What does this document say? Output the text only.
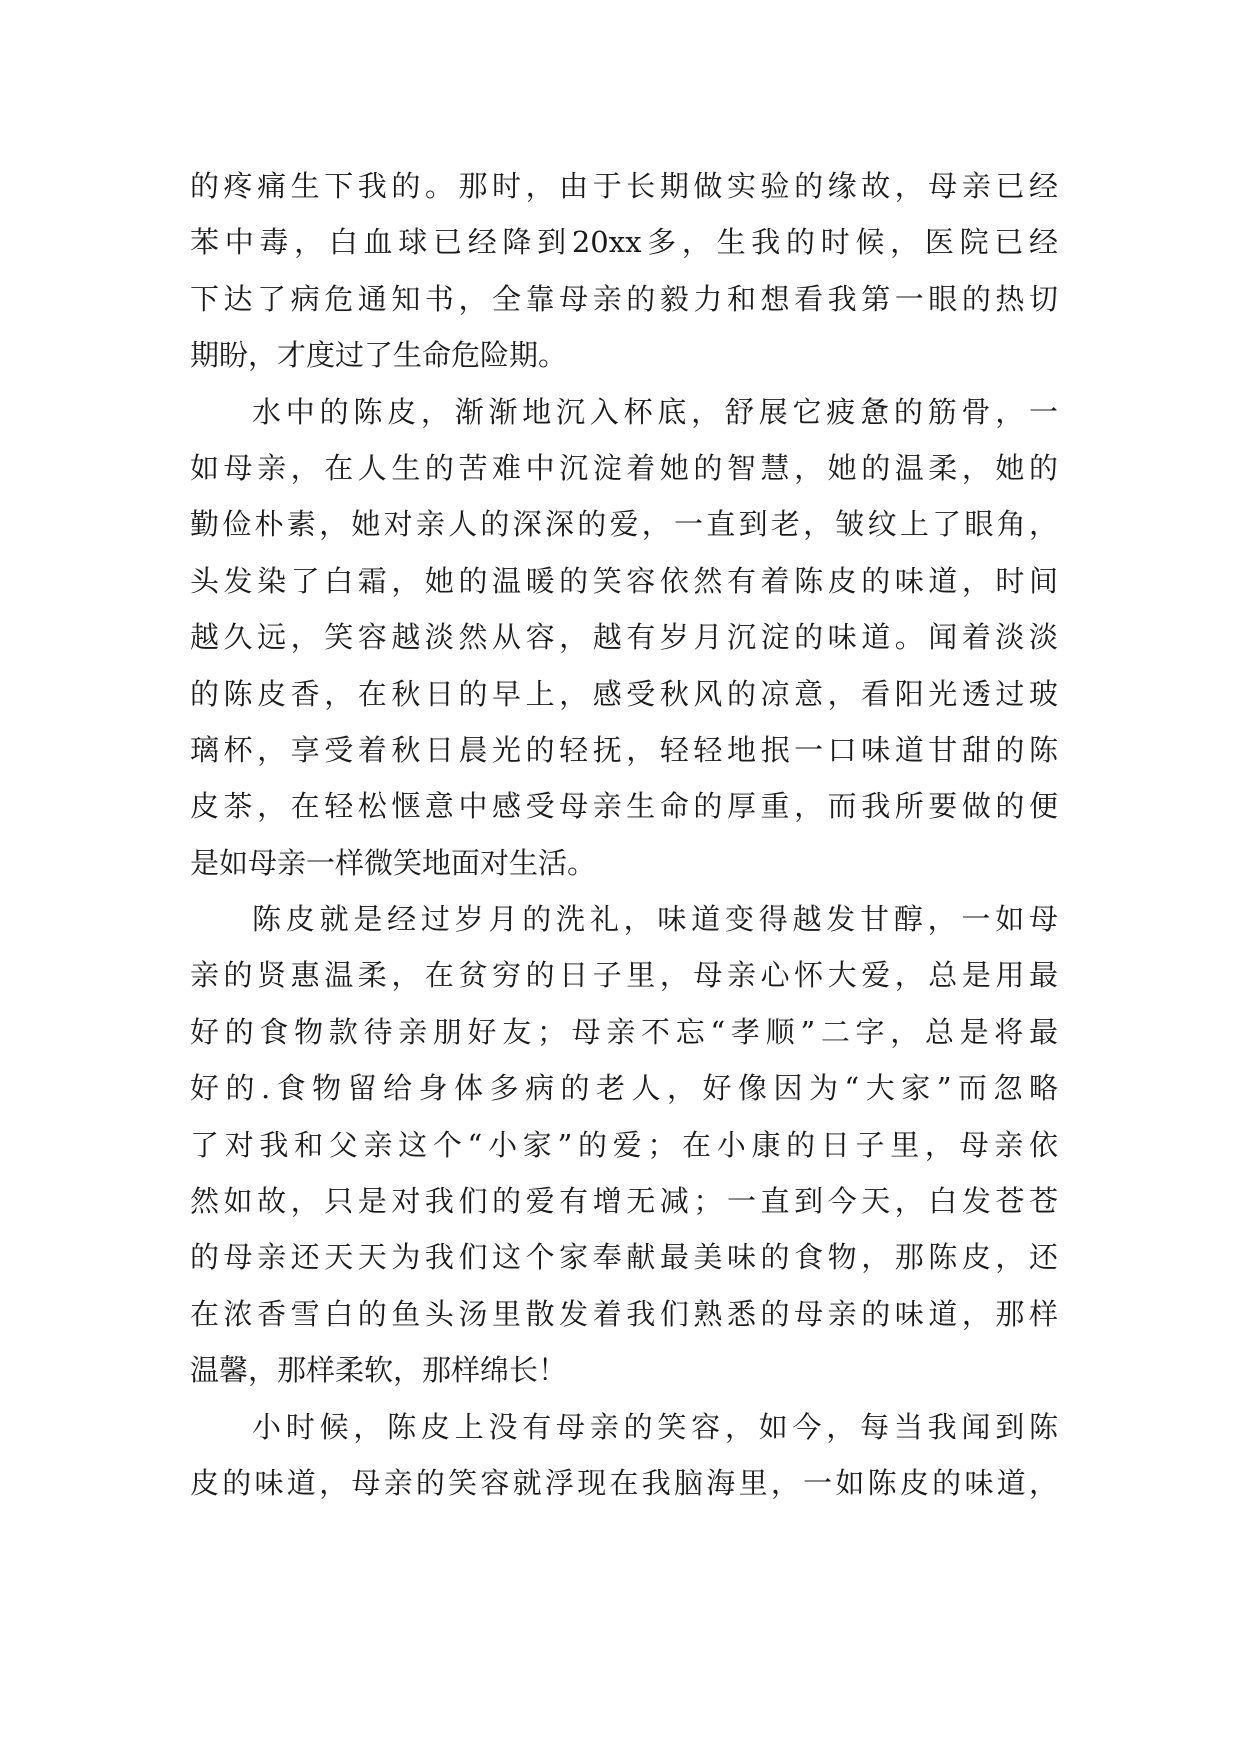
的疼痛生下我的。那时，由于长期做实验的缘故，母亲已经
苯中毒，白血球已经降到20xx多，生我的时候，医院已经
下达了病危通知书，全靠母亲的毅力和想看我第一眼的热切
期盼，才度过了生命危险期。
水中的陈皮，渐渐地沉入杯底，舒展它疲惫的筋骨，一
如母亲，在人生的苦难中沉淀着她的智慧，她的温柔，她的
勤俭朴素，她对亲人的深深的爱，一直到老，皱纹上了眼角，
头发染了白霜，她的温暖的笑容依然有着陈皮的味道，时间
越久远，笑容越淡然从容，越有岁月沉淀的味道。闻着淡淡
的陈皮香，在秋日的早上，感受秋风的凉意，看阳光透过玻
璃杯，享受着秋日晨光的轻抚，轻轻地抿一口味道甘甜的陈
皮茶，在轻松惬意中感受母亲生命的厚重，而我所要做的便
是如母亲一样微笑地面对生活。
陈皮就是经过岁月的洗礼，味道变得越发甘醇，一如母
亲的贤惠温柔，在贫穷的日子里，母亲心怀大爱，总是用最
好的食物款待亲朋好友；母亲不忘“孝顺”二字，总是将最
好的.食物留给身体多病的老人，好像因为“大家”而忽略
了对我和父亲这个“小家”的爱；在小康的日子里，母亲依
然如故，只是对我们的爱有增无减；一直到今天，白发苍苍
的母亲还天天为我们这个家奉献最美味的食物，那陈皮，还
在浓香雪白的鱼头汤里散发着我们熟悉的母亲的味道，那样
温馨，那样柔软，那样绵长！
小时候，陈皮上没有母亲的笑容，如今，每当我闻到陈
皮的味道，母亲的笑容就浮现在我脑海里，一如陈皮的味道，
